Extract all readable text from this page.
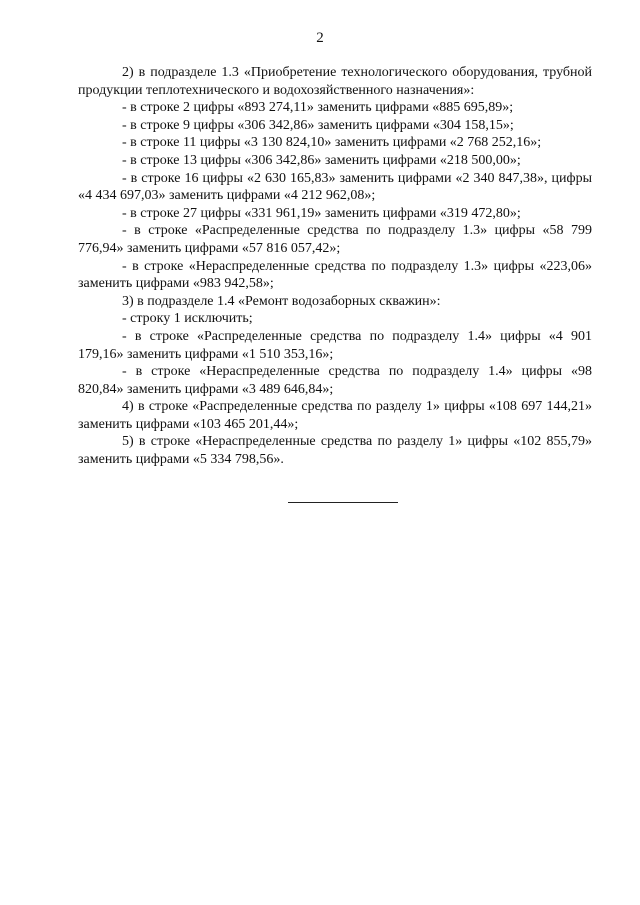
2

2) в подразделе 1.3 «Приобретение технологического оборудования, трубной продукции теплотехнического и водохозяйственного назначения»:

- в строке 2 цифры «893 274,11» заменить цифрами «885 695,89»;

- в строке 9 цифры «306 342,86» заменить цифрами «304 158,15»;

- в строке 11 цифры «3 130 824,10» заменить цифрами «2 768 252,16»;

- в строке 13 цифры «306 342,86» заменить цифрами «218 500,00»;

- в строке 16 цифры «2 630 165,83» заменить цифрами «2 340 847,38», цифры «4 434 697,03» заменить цифрами «4 212 962,08»;

- в строке 27 цифры «331 961,19» заменить цифрами «319 472,80»;

- в строке «Распределенные средства по подразделу 1.3» цифры «58 799 776,94» заменить цифрами «57 816 057,42»;

- в строке «Нераспределенные средства по подразделу 1.3» цифры «223,06» заменить цифрами «983 942,58»;

3) в подразделе 1.4 «Ремонт водозаборных скважин»:

- строку 1 исключить;

- в строке «Распределенные средства по подразделу 1.4» цифры «4 901 179,16» заменить цифрами «1 510 353,16»;

- в строке «Нераспределенные средства по подразделу 1.4» цифры «98 820,84» заменить цифрами «3 489 646,84»;

4) в строке «Распределенные средства по разделу 1» цифры «108 697 144,21» заменить цифрами «103 465 201,44»;

5) в строке «Нераспределенные средства по разделу 1» цифры «102 855,79» заменить цифрами «5 334 798,56».
